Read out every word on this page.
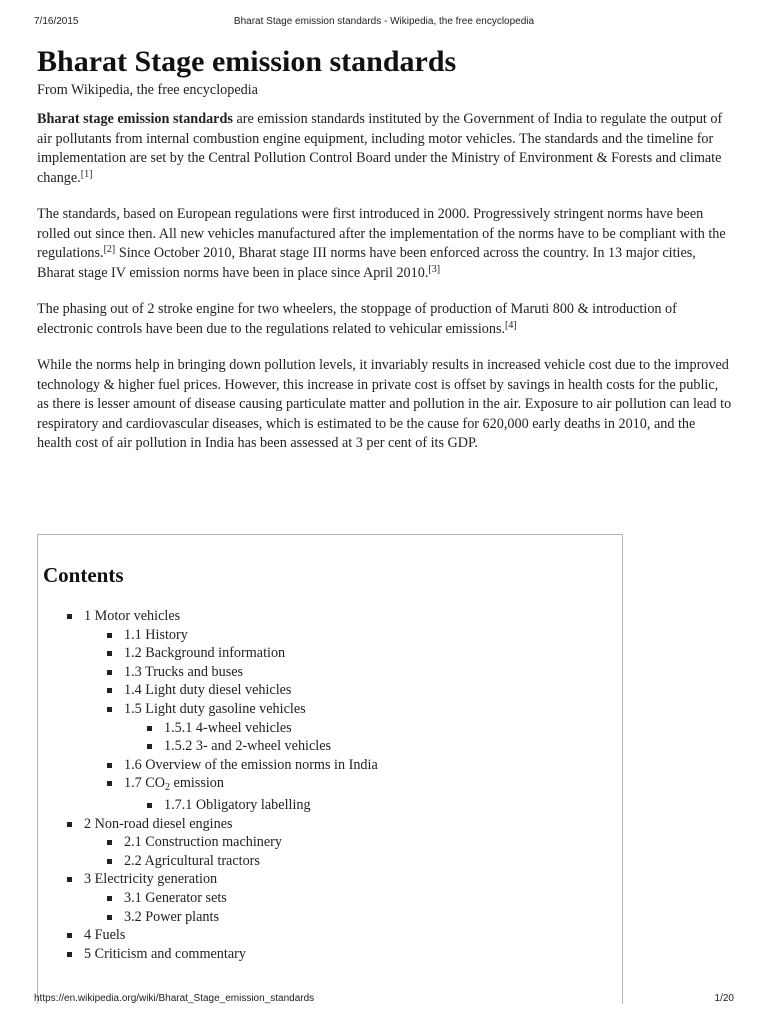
7/16/2015	Bharat Stage emission standards - Wikipedia, the free encyclopedia
Bharat Stage emission standards
From Wikipedia, the free encyclopedia

Bharat stage emission standards are emission standards instituted by the Government of India to regulate the output of air pollutants from internal combustion engine equipment, including motor vehicles. The standards and the timeline for implementation are set by the Central Pollution Control Board under the Ministry of Environment & Forests and climate change.[1]

The standards, based on European regulations were first introduced in 2000. Progressively stringent norms have been rolled out since then. All new vehicles manufactured after the implementation of the norms have to be compliant with the regulations.[2] Since October 2010, Bharat stage III norms have been enforced across the country. In 13 major cities, Bharat stage IV emission norms have been in place since April 2010.[3]

The phasing out of 2 stroke engine for two wheelers, the stoppage of production of Maruti 800 & introduction of electronic controls have been due to the regulations related to vehicular emissions.[4]

While the norms help in bringing down pollution levels, it invariably results in increased vehicle cost due to the improved technology & higher fuel prices. However, this increase in private cost is offset by savings in health costs for the public, as there is lesser amount of disease causing particulate matter and pollution in the air. Exposure to air pollution can lead to respiratory and cardiovascular diseases, which is estimated to be the cause for 620,000 early deaths in 2010, and the health cost of air pollution in India has been assessed at 3 per cent of its GDP.

Contents
1 Motor vehicles
1.1 History
1.2 Background information
1.3 Trucks and buses
1.4 Light duty diesel vehicles
1.5 Light duty gasoline vehicles
1.5.1 4-wheel vehicles
1.5.2 3- and 2-wheel vehicles
1.6 Overview of the emission norms in India
1.7 $CO_2$ emission
1.7.1 Obligatory labelling
2 Non-road diesel engines
2.1 Construction machinery
2.2 Agricultural tractors
3 Electricity generation
3.1 Generator sets
3.2 Power plants
4 Fuels
5 Criticism and commentary
https://en.wikipedia.org/wiki/Bharat_Stage_emission_standards	1/20
